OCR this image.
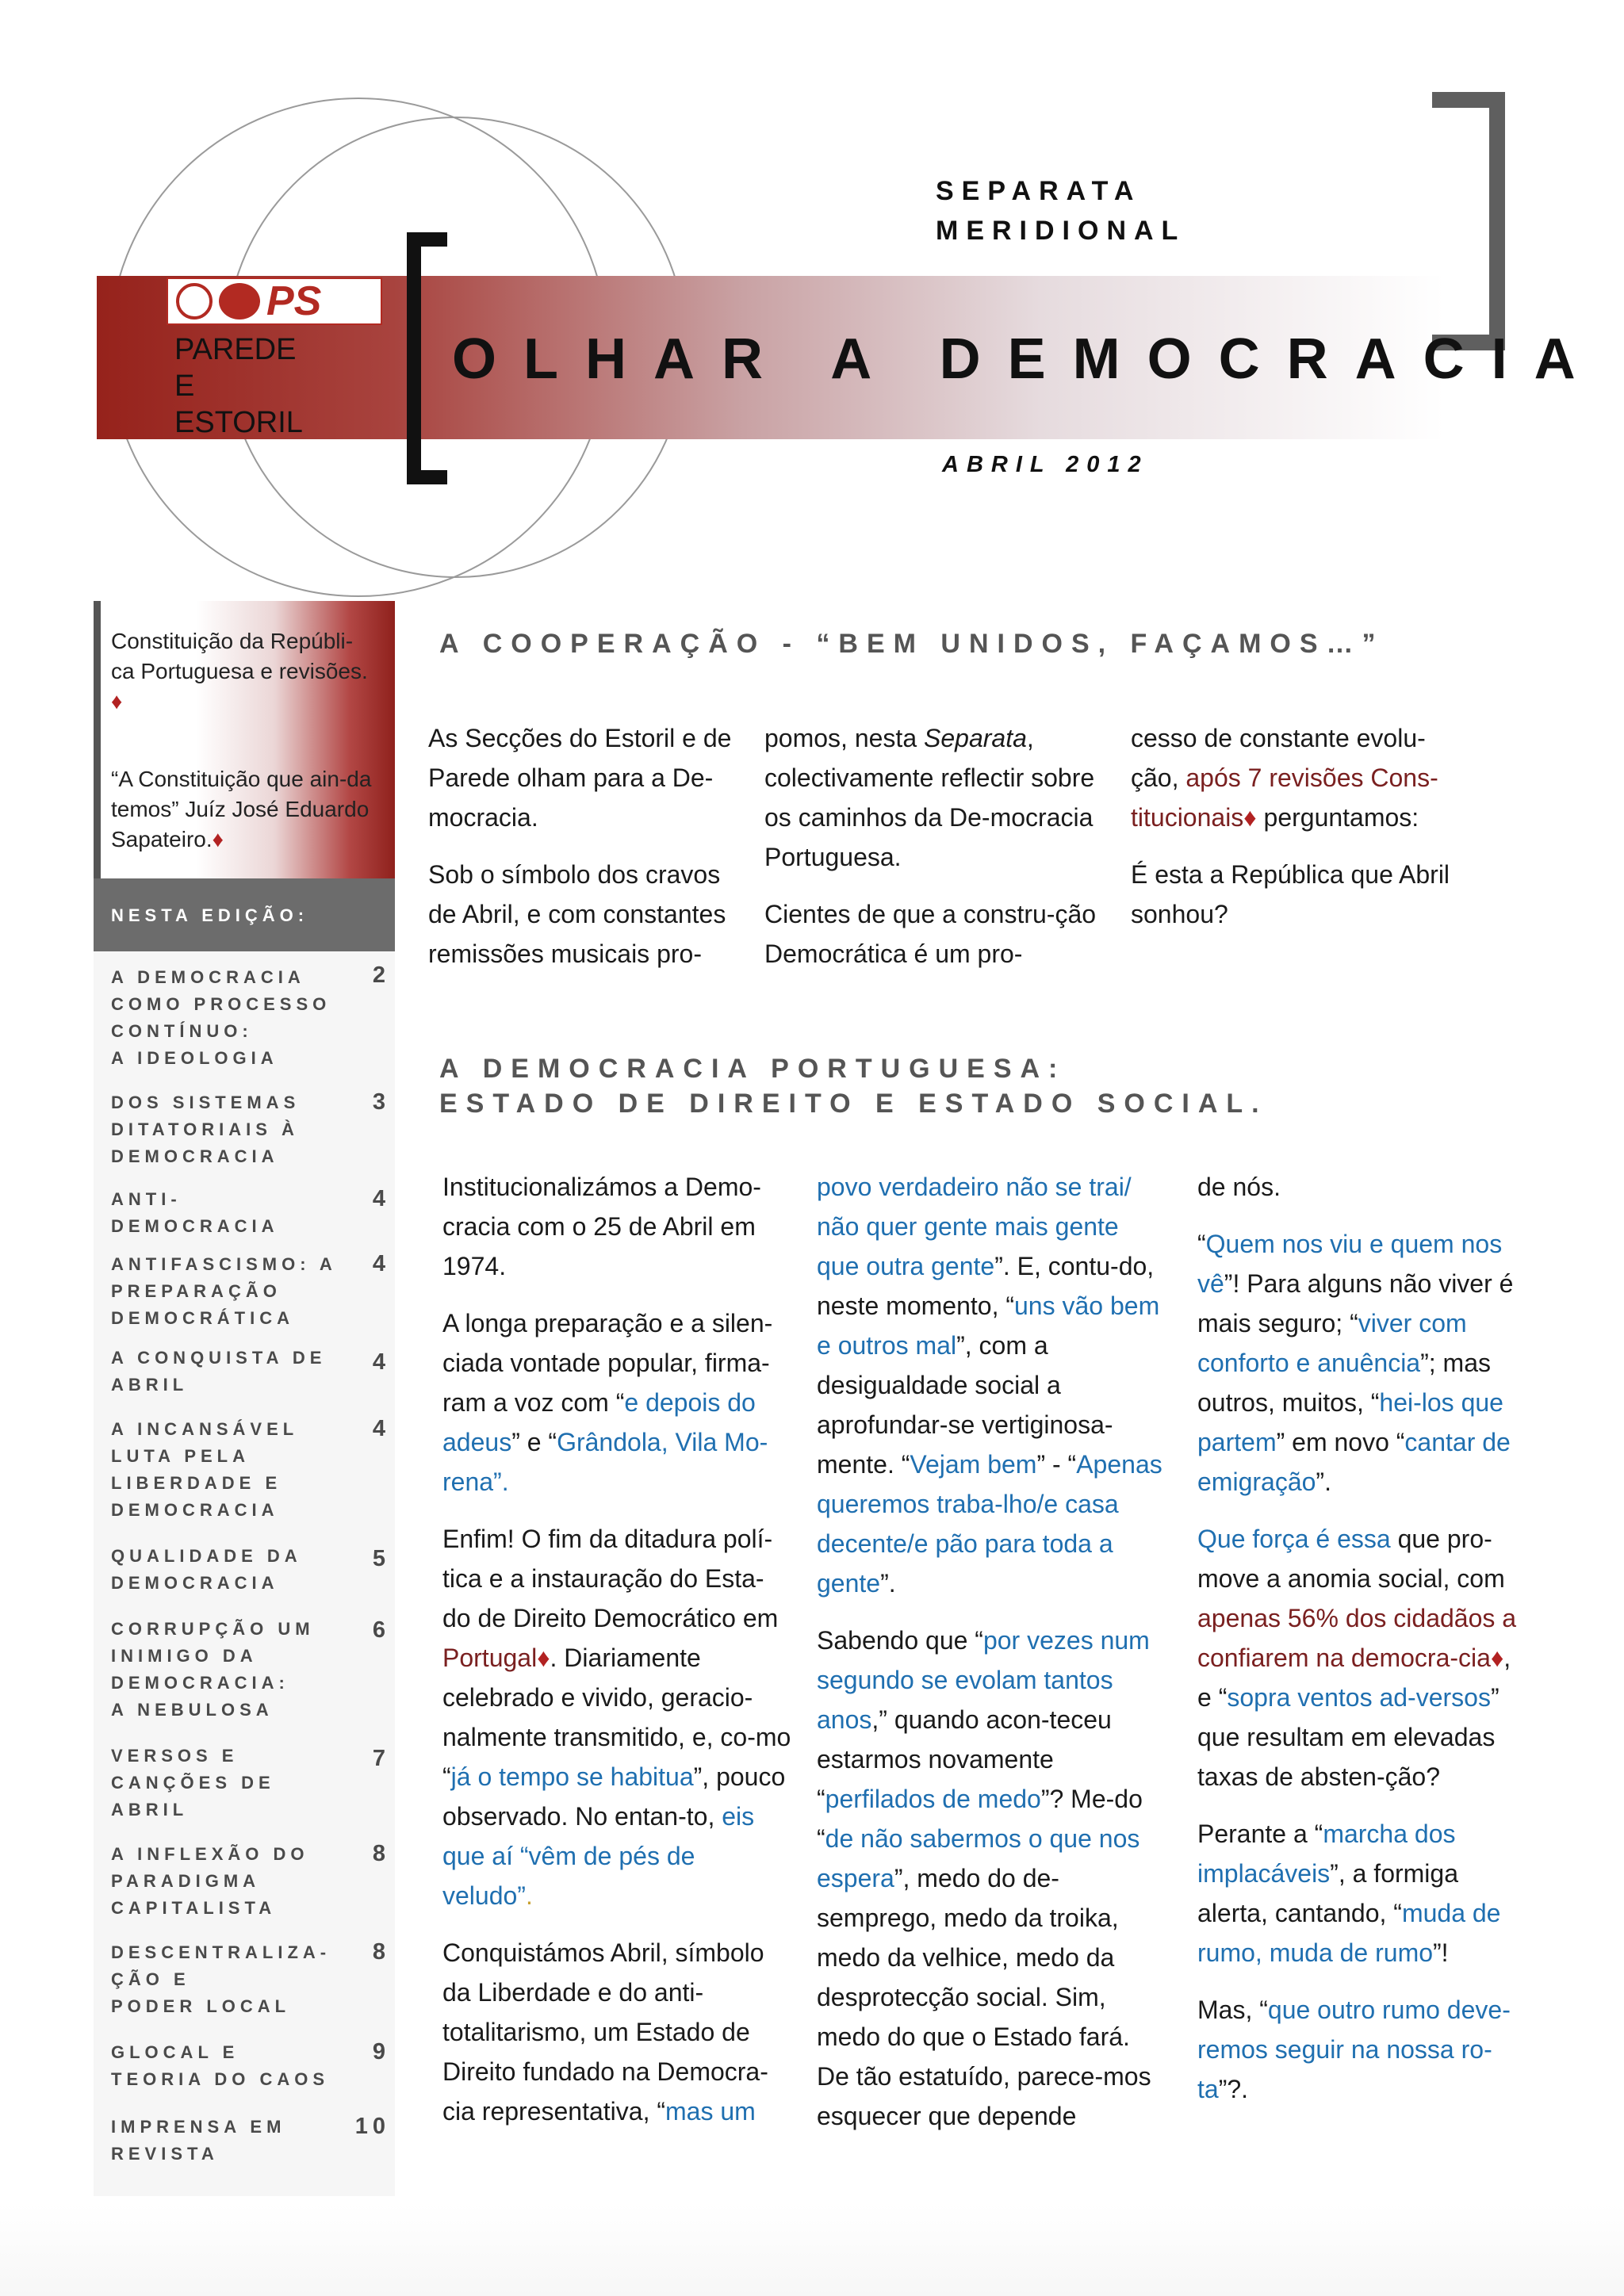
PS
PAREDE
E
ESTORIL
SEPARATA
MERIDIONAL
OLHAR A DEMOCRACIA
ABRIL 2012
Constituição da Repúbli-ca Portuguesa e revisões. ♦
“A Constituição que ain-da temos” Juíz José Eduardo Sapateiro.♦
NESTA EDIÇÃO:
A DEMOCRACIA
COMO PROCESSO
CONTÍNUO:
A IDEOLOGIA
2
DOS SISTEMAS
DITATORIAIS À
DEMOCRACIA
3
ANTI-
DEMOCRACIA
4
ANTIFASCISMO: A
PREPARAÇÃO
DEMOCRÁTICA
4
A CONQUISTA DE
ABRIL
4
A INCANSÁVEL
LUTA PELA
LIBERDADE E
DEMOCRACIA
4
QUALIDADE DA
DEMOCRACIA
5
CORRUPÇÃO UM
INIMIGO DA
DEMOCRACIA:
A NEBULOSA
6
VERSOS E
CANÇÕES DE
ABRIL
7
A INFLEXÃO DO
PARADIGMA
CAPITALISTA
8
DESCENTRALIZA-
ÇÃO E
PODER LOCAL
8
GLOCAL E
TEORIA DO CAOS
9
IMPRENSA EM
REVISTA
10
A COOPERAÇÃO - “BEM UNIDOS, FAÇAMOS…”

As Secções do Estoril e de Parede olham para a De-mocracia.

Sob o símbolo dos cravos de Abril, e com constantes remissões musicais pro-

pomos, nesta Separata, colectivamente reflectir sobre os caminhos da De-mocracia Portuguesa.

Cientes de que a constru-ção Democrática é um pro-

cesso de constante evolu-ção, após 7 revisões Cons-titucionais♦ perguntamos:

É esta a República que Abril sonhou?

A DEMOCRACIA PORTUGUESA:
ESTADO DE DIREITO E ESTADO SOCIAL.

Institucionalizámos a Demo-cracia com o 25 de Abril em 1974.

A longa preparação e a silen-ciada vontade popular, firma-ram a voz com “e depois do adeus” e “Grândola, Vila Mo-rena”.

Enfim! O fim da ditadura polí-tica e a instauração do Esta-do de Direito Democrático em Portugal♦. Diariamente celebrado e vivido, geracio-nalmente transmitido, e, co-mo “já o tempo se habitua”, pouco observado. No entan-to, eis que aí “vêm de pés de veludo”.

Conquistámos Abril, símbolo da Liberdade e do anti-totalitarismo, um Estado de Direito fundado na Democra-cia representativa, “mas um

povo verdadeiro não se trai/ não quer gente mais gente que outra gente”. E, contu-do, neste momento, “uns vão bem e outros mal”, com a desigualdade social a aprofundar-se vertiginosa-mente. “Vejam bem” - “Apenas queremos traba-lho/e casa decente/e pão para toda a gente”.

Sabendo que “por vezes num segundo se evolam tantos anos,” quando acon-teceu estarmos novamente “perfilados de medo”? Me-do “de não sabermos o que nos espera”, medo do de-semprego, medo da troika, medo da velhice, medo da desprotecção social. Sim, medo do que o Estado fará. De tão estatuído, parece-mos esquecer que depende

de nós.

“Quem nos viu e quem nos vê”! Para alguns não viver é mais seguro; “viver com conforto e anuência”; mas outros, muitos, “hei-los que partem” em novo “cantar de emigração”.

Que força é essa que pro-move a anomia social, com apenas 56% dos cidadãos a confiarem na democra-cia♦, e “sopra ventos ad-versos” que resultam em elevadas taxas de absten-ção?

Perante a “marcha dos implacáveis”, a formiga alerta, cantando, “muda de rumo, muda de rumo”!

Mas, “que outro rumo deve-remos seguir na nossa ro-ta”?.
